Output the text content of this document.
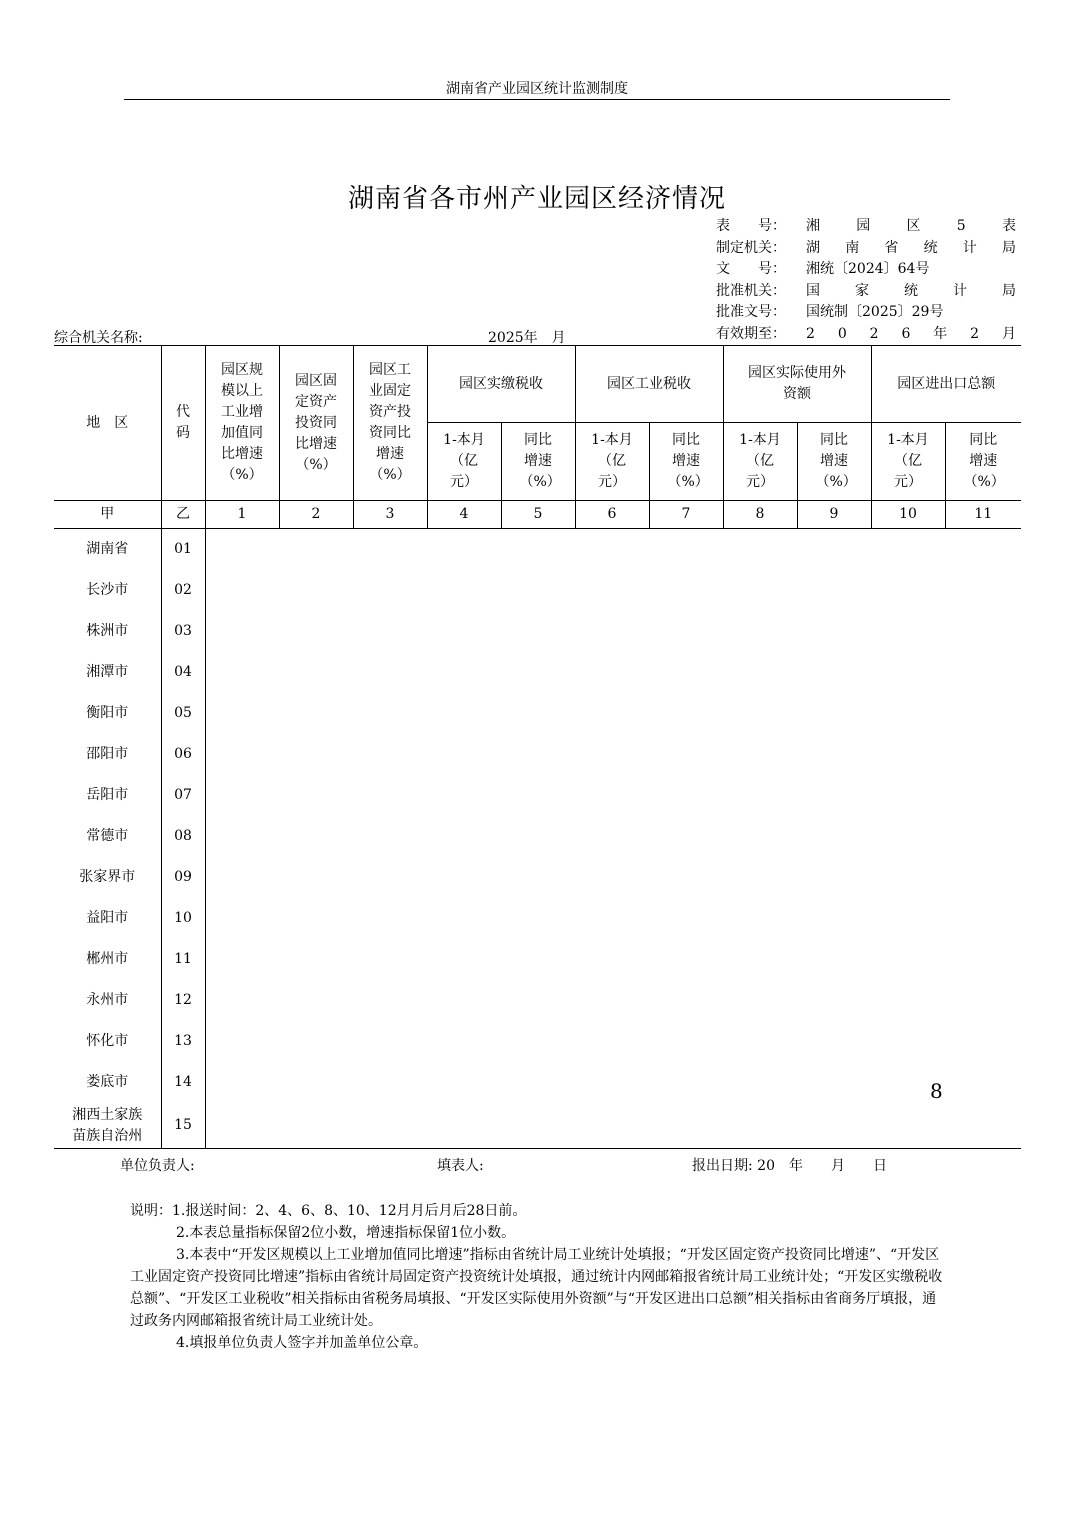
湖南省产业园区统计监测制度
湖南省各市州产业园区经济情况
表　　号：	湘	园	区	5	表
制定机关：	湖 南 省 统 计 局
文　　号：	湘统〔2024〕64号
批准机关：	国	家	统	计	局
批准文号：	国统制〔2025〕29号
有效期至：	2 0 2 6 年 2 月
综合机关名称:	2025年　月
地　区	代码	园区规模以上工业增加值同比增速（%）	园区固定资产投资同比增速（%）	园区工业固定资产投资同比增速（%）	园区实缴税收		园区工业税收		园区实际使用外资额		园区进出口总额	
					1-本月（亿元）	同比增速（%）	1-本月（亿元）	同比增速（%）	1-本月（亿元）	同比增速（%）	1-本月（亿元）	同比增速（%）
甲	乙	1	2	3	4	5	6	7	8	9	10	11
湖南省	01											
长沙市	02											
株洲市	03											
湘潭市	04											
衡阳市	05											
邵阳市	06											
岳阳市	07											
常德市	08											
张家界市	09											
益阳市	10											
郴州市	11											
永州市	12											
怀化市	13											
娄底市	14											
湘西土家族苗族自治州	15											
单位负责人:	填表人:	报出日期: 20　年　　月　　日

说明：1.报送时间：2、4、6、8、10、12月月后月后28日前。

2.本表总量指标保留2位小数，增速指标保留1位小数。

3.本表中“开发区规模以上工业增加值同比增速”指标由省统计局工业统计处填报；“开发区固定资产投资同比增速”、“开发区工业固定资产投资同比增速”指标由省统计局固定资产投资统计处填报，通过统计内网邮箱报省统计局工业统计处；“开发区实缴税收总额”、“开发区工业税收”相关指标由省税务局填报、“开发区实际使用外资额”与“开发区进出口总额”相关指标由省商务厅填报，通过政务内网邮箱报省统计局工业统计处。

4.填报单位负责人签字并加盖单位公章。

8
